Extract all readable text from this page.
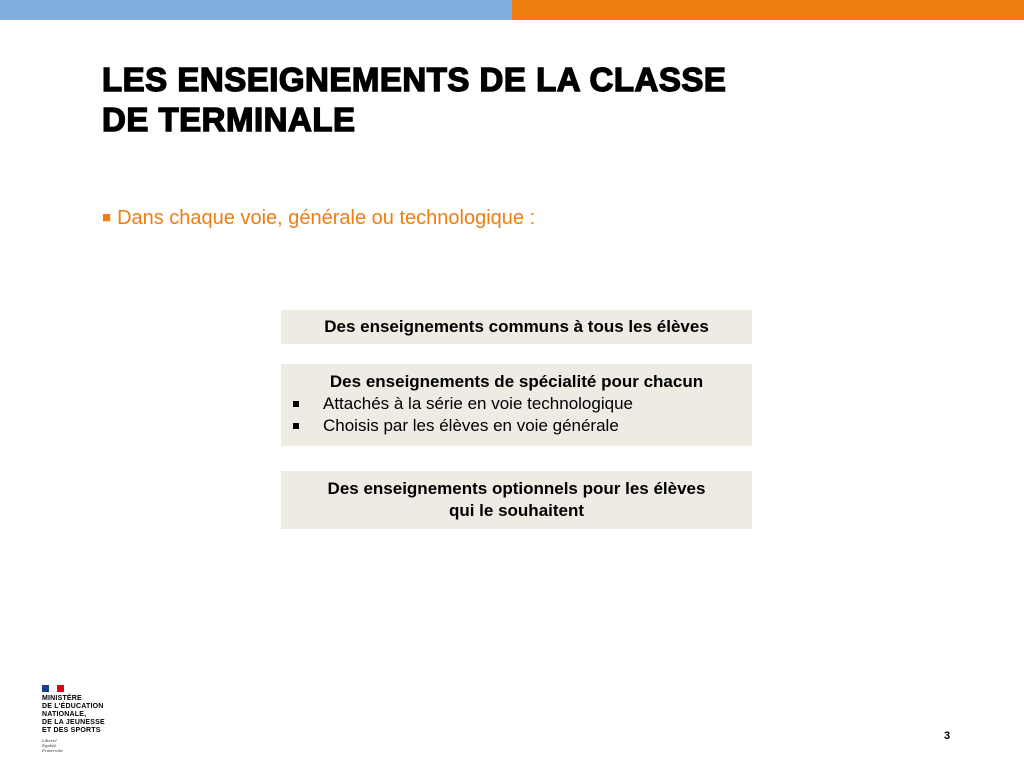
LES ENSEIGNEMENTS DE LA CLASSE
DE TERMINALE
■ Dans chaque voie, générale ou technologique :
Des enseignements communs à tous les élèves
Des enseignements de spécialité pour chacun
Attachés à la série en voie technologique
Choisis par les élèves en voie générale
Des enseignements optionnels pour les élèves
qui le souhaitent
MINISTÈRE
DE L'ÉDUCATION
NATIONALE,
DE LA JEUNESSE
ET DES SPORTS
Liberté
Égalité
Fraternité
3
